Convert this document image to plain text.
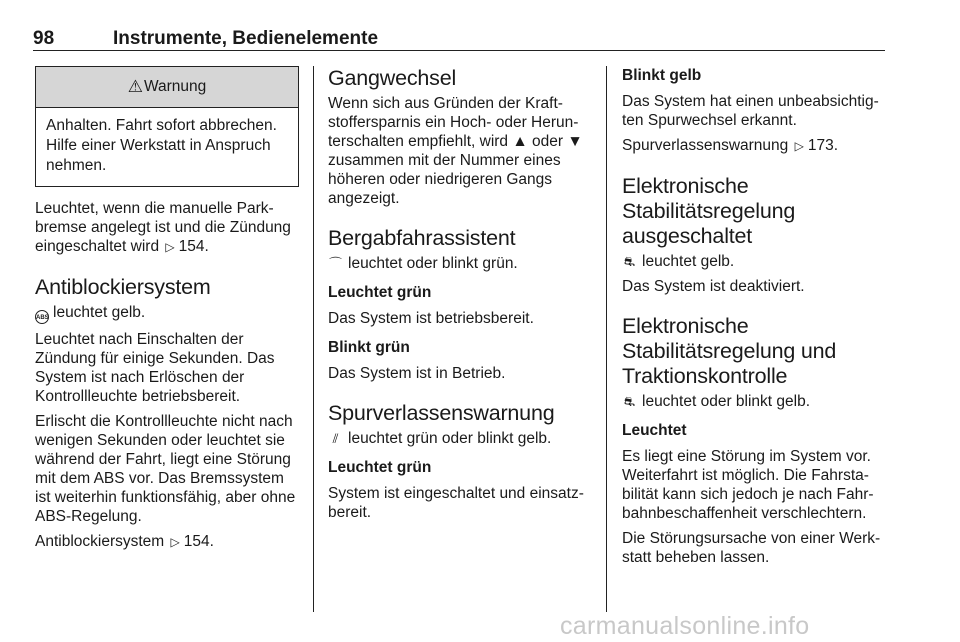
98	Instrumente, Bedienelemente
⚠ Warnung
Anhalten. Fahrt sofort abbrechen. Hilfe einer Werkstatt in Anspruch nehmen.

Leuchtet, wenn die manuelle Park-bremse angelegt ist und die Zündung eingeschaltet wird ▷ 154.

Antiblockiersystem

ABS leuchtet gelb.

Leuchtet nach Einschalten der Zündung für einige Sekunden. Das System ist nach Erlöschen der Kontrollleuchte betriebsbereit.

Erlischt die Kontrollleuchte nicht nach wenigen Sekunden oder leuchtet sie während der Fahrt, liegt eine Störung mit dem ABS vor. Das Bremssystem ist weiterhin funktionsfähig, aber ohne ABS-Regelung.

Antiblockiersystem ▷ 154.

Gangwechsel

Wenn sich aus Gründen der Kraft-stoffersparnis ein Hoch- oder Herun-terschalten empfiehlt, wird ▲ oder ▼ zusammen mit der Nummer eines höheren oder niedrigeren Gangs angezeigt.

Bergabfahrassistent

⌒ leuchtet oder blinkt grün.

Leuchtet grün

Das System ist betriebsbereit.

Blinkt grün

Das System ist in Betrieb.

Spurverlassenswarnung

⫽ leuchtet grün oder blinkt gelb.

Leuchtet grün

System ist eingeschaltet und einsatz-bereit.

Blinkt gelb

Das System hat einen unbeabsichtig-ten Spurwechsel erkannt.

Spurverlassenswarnung ▷ 173.

Elektronische Stabilitätsregelung ausgeschaltet

⛐ leuchtet gelb.

Das System ist deaktiviert.

Elektronische Stabilitätsregelung und Traktionskontrolle

⛐ leuchtet oder blinkt gelb.

Leuchtet

Es liegt eine Störung im System vor. Weiterfahrt ist möglich. Die Fahrsta-bilität kann sich jedoch je nach Fahr-bahnbeschaffenheit verschlechtern.

Die Störungsursache von einer Werk-statt beheben lassen.

carmanualsonline.info
